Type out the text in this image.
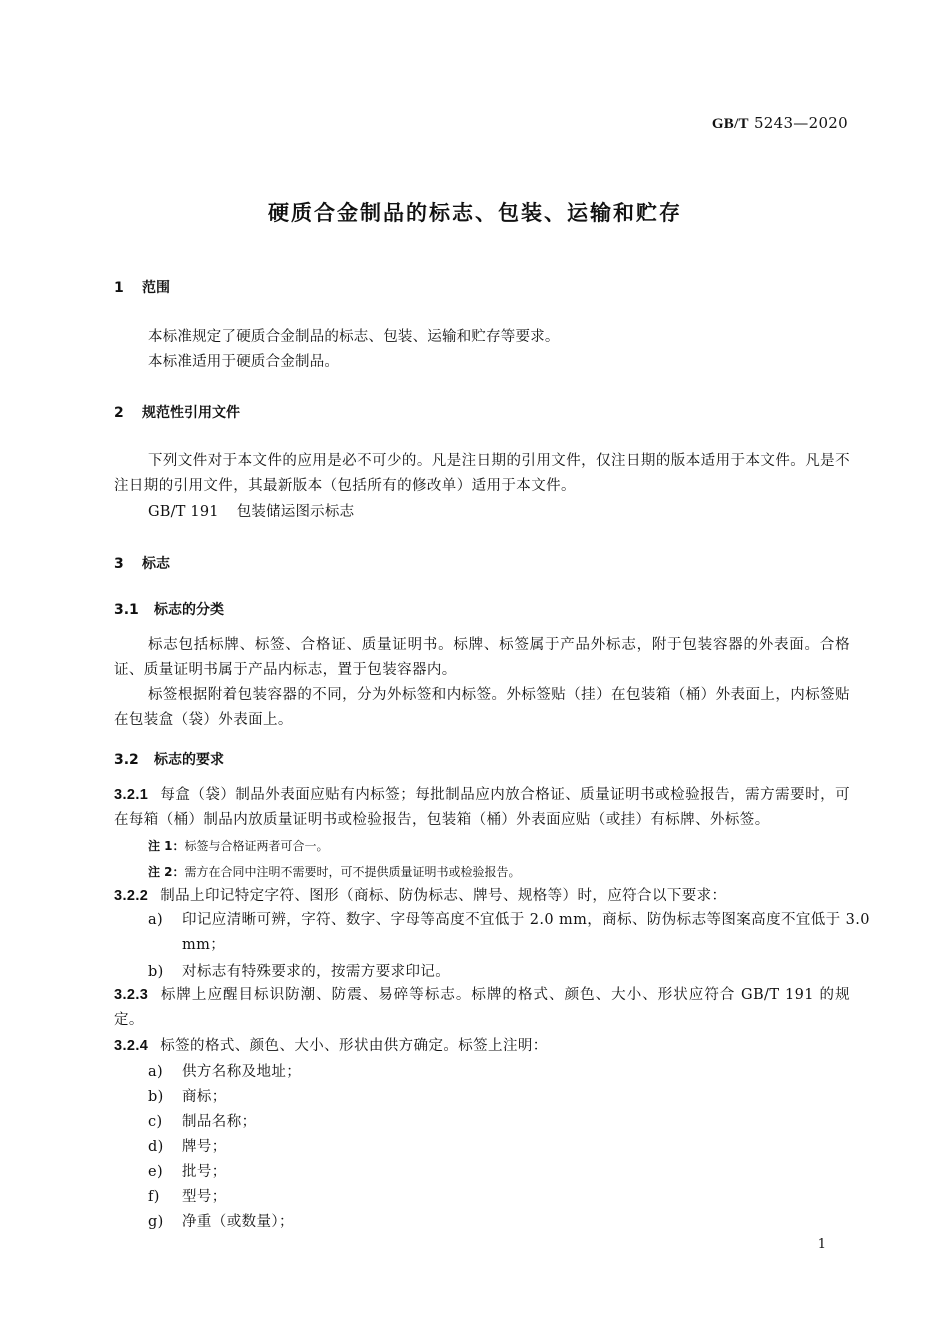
GB/T 5243—2020
硬质合金制品的标志、包装、运输和贮存
1 范围
本标准规定了硬质合金制品的标志、包装、运输和贮存等要求。
本标准适用于硬质合金制品。
2 规范性引用文件
下列文件对于本文件的应用是必不可少的。凡是注日期的引用文件，仅注日期的版本适用于本文件。凡是不注日期的引用文件，其最新版本（包括所有的修改单）适用于本文件。
GB/T 191 包装储运图示标志
3 标志
3.1 标志的分类
标志包括标牌、标签、合格证、质量证明书。标牌、标签属于产品外标志，附于包装容器的外表面。合格证、质量证明书属于产品内标志，置于包装容器内。
标签根据附着包装容器的不同，分为外标签和内标签。外标签贴（挂）在包装箱（桶）外表面上，内标签贴在包装盒（袋）外表面上。
3.2 标志的要求
3.2.1 每盒（袋）制品外表面应贴有内标签；每批制品应内放合格证、质量证明书或检验报告，需方需要时，可在每箱（桶）制品内放质量证明书或检验报告，包装箱（桶）外表面应贴（或挂）有标牌、外标签。
注 1：标签与合格证两者可合一。
注 2：需方在合同中注明不需要时，可不提供质量证明书或检验报告。
3.2.2 制品上印记特定字符、图形（商标、防伪标志、牌号、规格等）时，应符合以下要求：
a) 印记应清晰可辨，字符、数字、字母等高度不宜低于 2.0 mm，商标、防伪标志等图案高度不宜低于 3.0 mm；
b) 对标志有特殊要求的，按需方要求印记。
3.2.3 标牌上应醒目标识防潮、防震、易碎等标志。标牌的格式、颜色、大小、形状应符合 GB/T 191 的规定。
3.2.4 标签的格式、颜色、大小、形状由供方确定。标签上注明：
a) 供方名称及地址；
b) 商标；
c) 制品名称；
d) 牌号；
e) 批号；
f) 型号；
g) 净重（或数量）；
1
